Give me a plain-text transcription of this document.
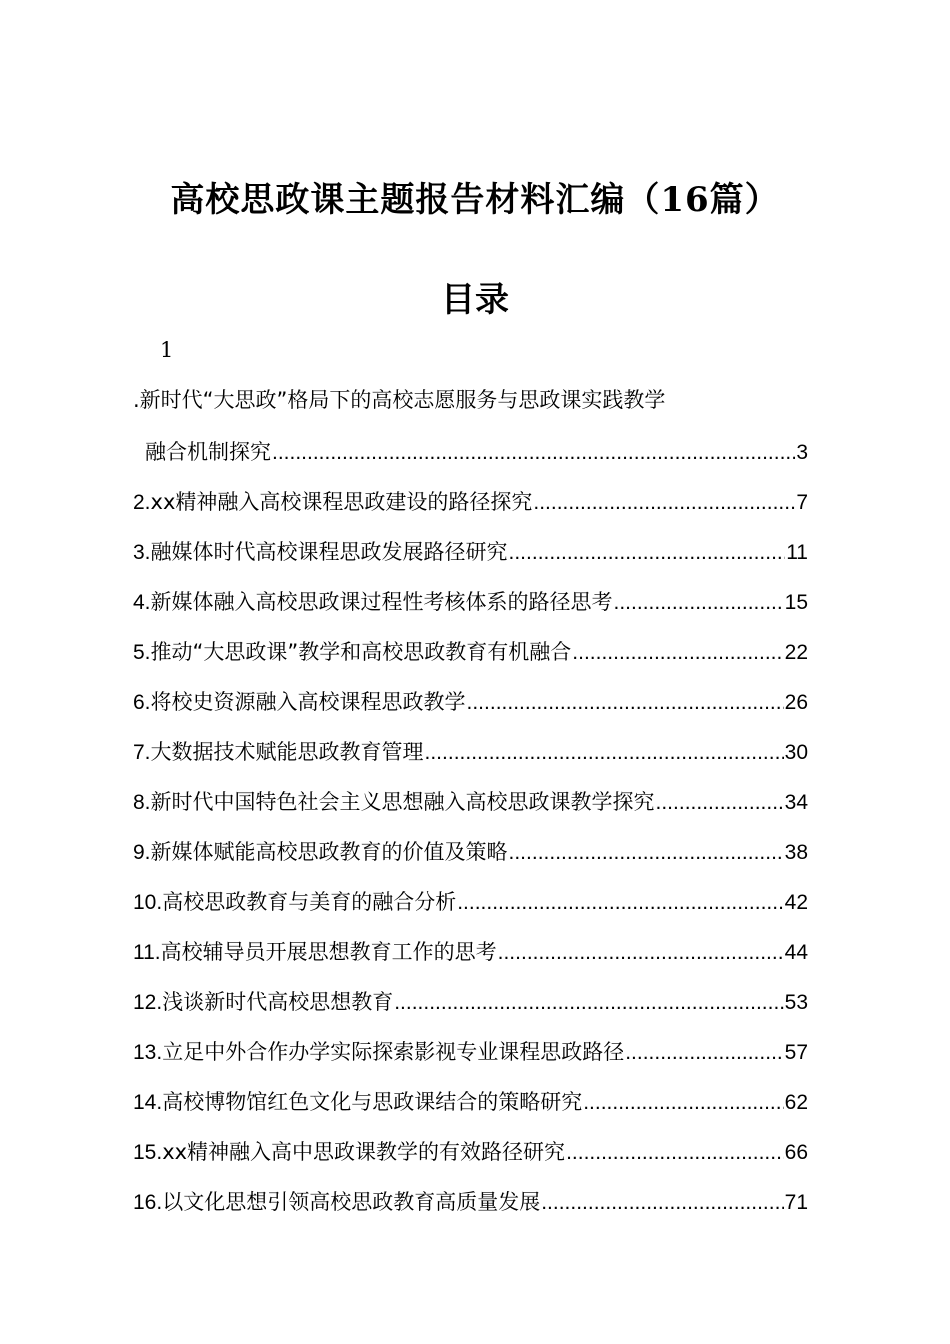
高校思政课主题报告材料汇编（16篇）
目录
1
.新时代“大思政”格局下的高校志愿服务与思政课实践教学
融合机制探究 .....	3
2. xx精神融入高校课程思政建设的路径探究 .....	7
3. 融媒体时代高校课程思政发展路径研究 .....	11
4. 新媒体融入高校思政课过程性考核体系的路径思考 .....	15
5. 推动“大思政课”教学和高校思政教育有机融合 .....	22
6. 将校史资源融入高校课程思政教学 .....	26
7. 大数据技术赋能思政教育管理 .....	30
8. 新时代中国特色社会主义思想融入高校思政课教学探究 .....	34
9. 新媒体赋能高校思政教育的价值及策略 .....	38
10. 高校思政教育与美育的融合分析 .....	42
11. 高校辅导员开展思想教育工作的思考 .....	44
12. 浅谈新时代高校思想教育 .....	53
13. 立足中外合作办学实际探索影视专业课程思政路径 .....	57
14. 高校博物馆红色文化与思政课结合的策略研究 .....	62
15. xx精神融入高中思政课教学的有效路径研究 .....	66
16. 以文化思想引领高校思政教育高质量发展 .....	71
